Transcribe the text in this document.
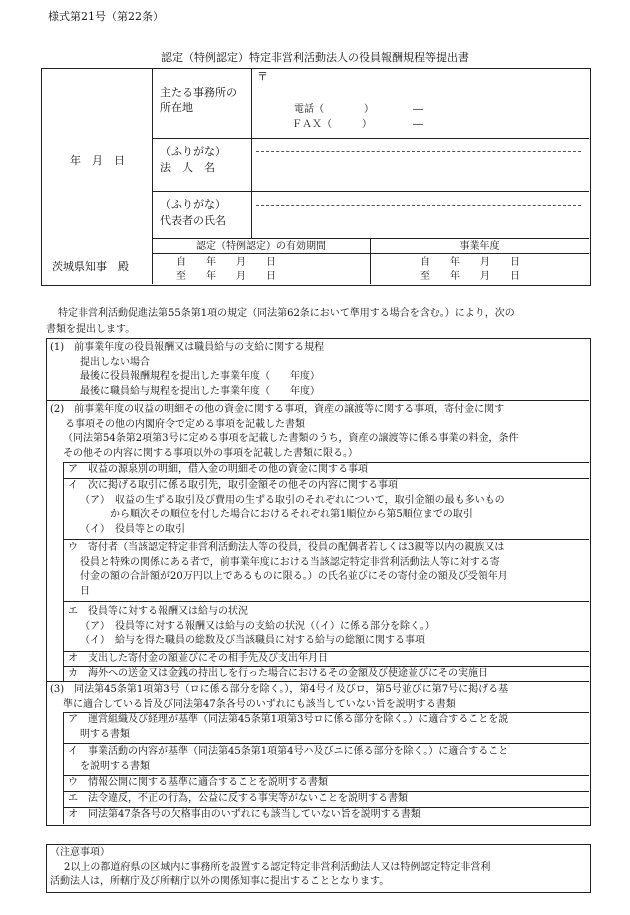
様式第21号（第22条）
認定（特例認定）特定非営利活動法人の役員報酬規程等提出書
年　月　日
茨城県知事　殿
主たる事務所の
所在地
〒
電話（　　　　）
ＦＡＸ（　　　）
―
―
（ふりがな）
法　人　名
（ふりがな）
代表者の氏名
認定（特例認定）の有効期間	事業年度
自　　年　　月　　日
至　　年　　月　　日
自　　年　　月　　日
至　　年　　月　　日
特定非営利活動促進法第55条第1項の規定（同法第62条において準用する場合を含む。）により，次の
書類を提出します。
(1)　前事業年度の役員報酬又は職員給与の支給に関する規程
提出しない場合
最後に役員報酬規程を提出した事業年度（　　年度）
最後に職員給与規程を提出した事業年度（　　年度）
(2)　前事業年度の収益の明細その他の資金に関する事項，資産の譲渡等に関する事項，寄付金に関す
る事項その他の内閣府令で定める事項を記載した書類
（同法第54条第2項第3号に定める事項を記載した書類のうち，資産の譲渡等に係る事業の料金，条件
その他その内容に関する事項以外の事項を記載した書類に限る。）
ア　収益の源泉別の明細，借入金の明細その他の資金に関する事項
イ　次に掲げる取引に係る取引先，取引金額その他その内容に関する事項
（ア）　収益の生ずる取引及び費用の生ずる取引のそれぞれについて，取引金額の最も多いもの
から順次その順位を付した場合におけるそれぞれ第1順位から第5順位までの取引
（イ）　役員等との取引
ウ　寄付者（当該認定特定非営利活動法人等の役員，役員の配偶者若しくは3親等以内の親族又は
役員と特殊の関係にある者で，前事業年度における当該認定特定非営利活動法人等に対する寄
付金の額の合計額が20万円以上であるものに限る。）の氏名並びにその寄付金の額及び受領年月
日
エ　役員等に対する報酬又は給与の状況
（ア）　役員等に対する報酬又は給与の支給の状況（（イ）に係る部分を除く。）
（イ）　給与を得た職員の総数及び当該職員に対する給与の総額に関する事項
オ　支出した寄付金の額並びにその相手先及び支出年月日
カ　海外への送金又は金銭の持出しを行った場合におけるその金額及び使途並びにその実施日
(3)　同法第45条第1項第3号（ロに係る部分を除く。），第4号イ及びロ，第5号並びに第7号に掲げる基
準に適合している旨及び同法第47条各号のいずれにも該当していない旨を説明する書類
ア　運営組織及び経理が基準（同法第45条第1項第3号ロに係る部分を除く。）に適合することを説
明する書類
イ　事業活動の内容が基準（同法第45条第1項第4号ハ及びニに係る部分を除く。）に適合すること
を説明する書類
ウ　情報公開に関する基準に適合することを説明する書類
エ　法令違反，不正の行為，公益に反する事実等がないことを説明する書類
オ　同法第47条各号の欠格事由のいずれにも該当していない旨を説明する書類
（注意事項）
2以上の都道府県の区域内に事務所を設置する認定特定非営利活動法人又は特例認定特定非営利
活動法人は，所轄庁及び所轄庁以外の関係知事に提出することとなります。
